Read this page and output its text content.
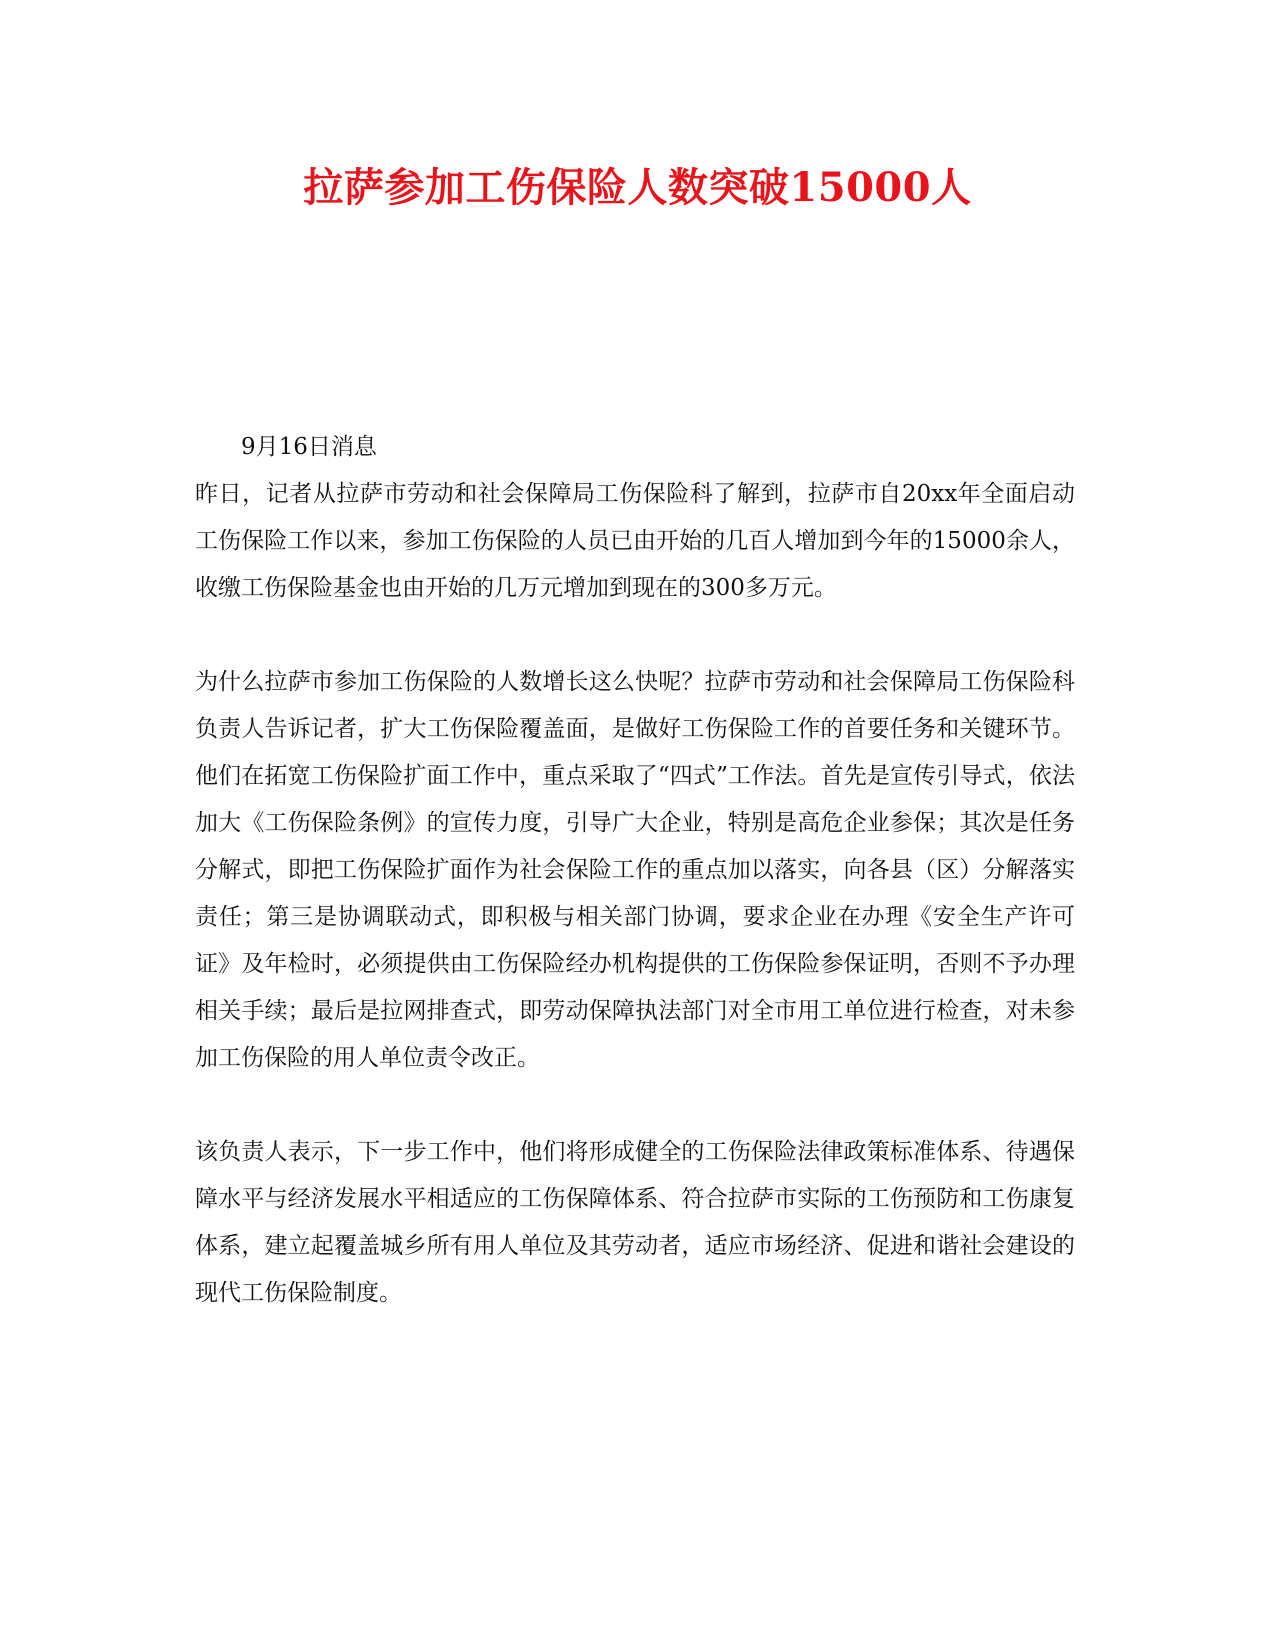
拉萨参加工伤保险人数突破15000人

9月16日消息

昨日，记者从拉萨市劳动和社会保障局工伤保险科了解到，拉萨市自20xx年全面启动工伤保险工作以来，参加工伤保险的人员已由开始的几百人增加到今年的15000余人，收缴工伤保险基金也由开始的几万元增加到现在的300多万元。

为什么拉萨市参加工伤保险的人数增长这么快呢？拉萨市劳动和社会保障局工伤保险科负责人告诉记者，扩大工伤保险覆盖面，是做好工伤保险工作的首要任务和关键环节。他们在拓宽工伤保险扩面工作中，重点采取了“四式”工作法。首先是宣传引导式，依法加大《工伤保险条例》的宣传力度，引导广大企业，特别是高危企业参保；其次是任务分解式，即把工伤保险扩面作为社会保险工作的重点加以落实，向各县（区）分解落实责任；第三是协调联动式，即积极与相关部门协调，要求企业在办理《安全生产许可证》及年检时，必须提供由工伤保险经办机构提供的工伤保险参保证明，否则不予办理相关手续；最后是拉网排查式，即劳动保障执法部门对全市用工单位进行检查，对未参加工伤保险的用人单位责令改正。

该负责人表示，下一步工作中，他们将形成健全的工伤保险法律政策标准体系、待遇保障水平与经济发展水平相适应的工伤保障体系、符合拉萨市实际的工伤预防和工伤康复体系，建立起覆盖城乡所有用人单位及其劳动者，适应市场经济、促进和谐社会建设的现代工伤保险制度。
